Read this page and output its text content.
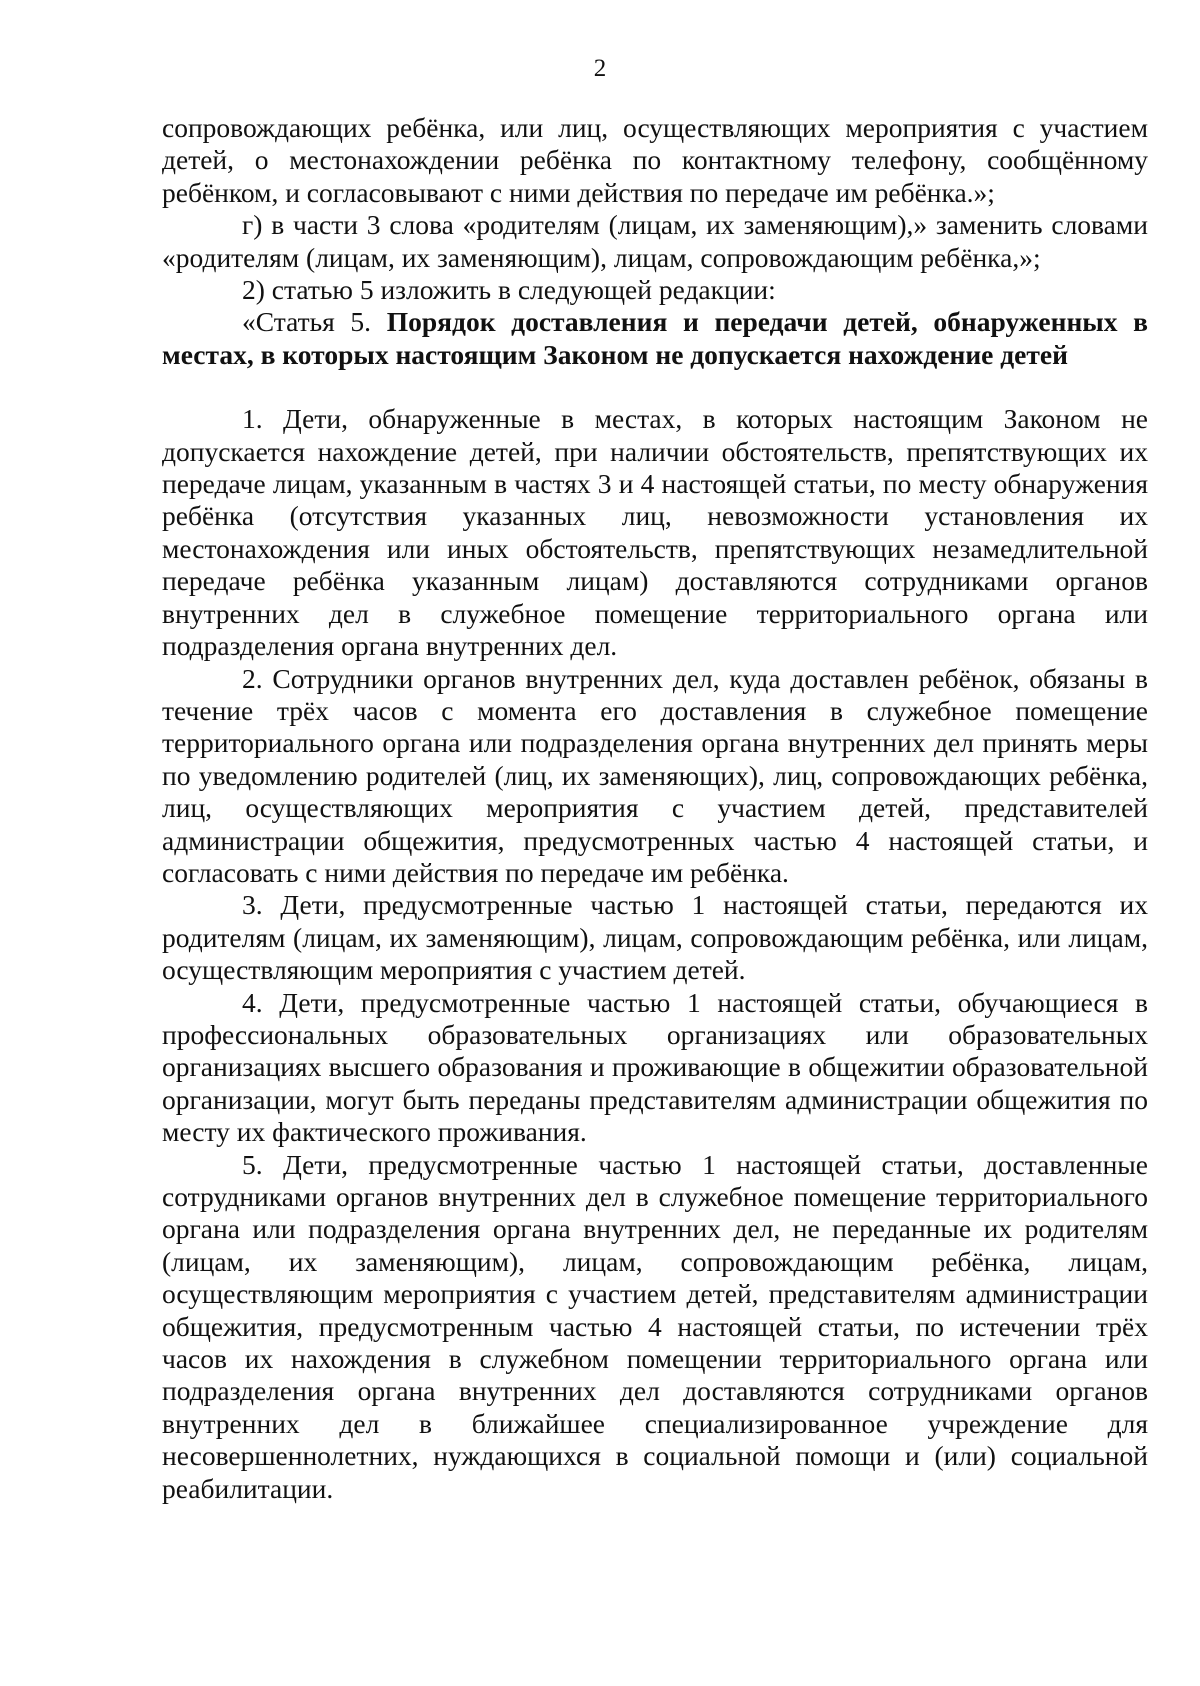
2

сопровождающих ребёнка, или лиц, осуществляющих мероприятия с участием детей, о местонахождении ребёнка по контактному телефону, сообщённому ребёнком, и согласовывают с ними действия по передаче им ребёнка.»;

г) в части 3 слова «родителям (лицам, их заменяющим),» заменить словами «родителям (лицам, их заменяющим), лицам, сопровождающим ребёнка,»;

2) статью 5 изложить в следующей редакции:

«Статья 5. Порядок доставления и передачи детей, обнаруженных в местах, в которых настоящим Законом не допускается нахождение детей

1. Дети, обнаруженные в местах, в которых настоящим Законом не допускается нахождение детей, при наличии обстоятельств, препятствующих их передаче лицам, указанным в частях 3 и 4 настоящей статьи, по месту обнаружения ребёнка (отсутствия указанных лиц, невозможности установления их местонахождения или иных обстоятельств, препятствующих незамедлительной передаче ребёнка указанным лицам) доставляются сотрудниками органов внутренних дел в служебное помещение территориального органа или подразделения органа внутренних дел.

2. Сотрудники органов внутренних дел, куда доставлен ребёнок, обязаны в течение трёх часов с момента его доставления в служебное помещение территориального органа или подразделения органа внутренних дел принять меры по уведомлению родителей (лиц, их заменяющих), лиц, сопровождающих ребёнка, лиц, осуществляющих мероприятия с участием детей, представителей администрации общежития, предусмотренных частью 4 настоящей статьи, и согласовать с ними действия по передаче им ребёнка.

3. Дети, предусмотренные частью 1 настоящей статьи, передаются их родителям (лицам, их заменяющим), лицам, сопровождающим ребёнка, или лицам, осуществляющим мероприятия с участием детей.

4. Дети, предусмотренные частью 1 настоящей статьи, обучающиеся в профессиональных образовательных организациях или образовательных организациях высшего образования и проживающие в общежитии образовательной организации, могут быть переданы представителям администрации общежития по месту их фактического проживания.

5. Дети, предусмотренные частью 1 настоящей статьи, доставленные сотрудниками органов внутренних дел в служебное помещение территориального органа или подразделения органа внутренних дел, не переданные их родителям (лицам, их заменяющим), лицам, сопровождающим ребёнка, лицам, осуществляющим мероприятия с участием детей, представителям администрации общежития, предусмотренным частью 4 настоящей статьи, по истечении трёх часов их нахождения в служебном помещении территориального органа или подразделения органа внутренних дел доставляются сотрудниками органов внутренних дел в ближайшее специализированное учреждение для несовершеннолетних, нуждающихся в социальной помощи и (или) социальной реабилитации.
